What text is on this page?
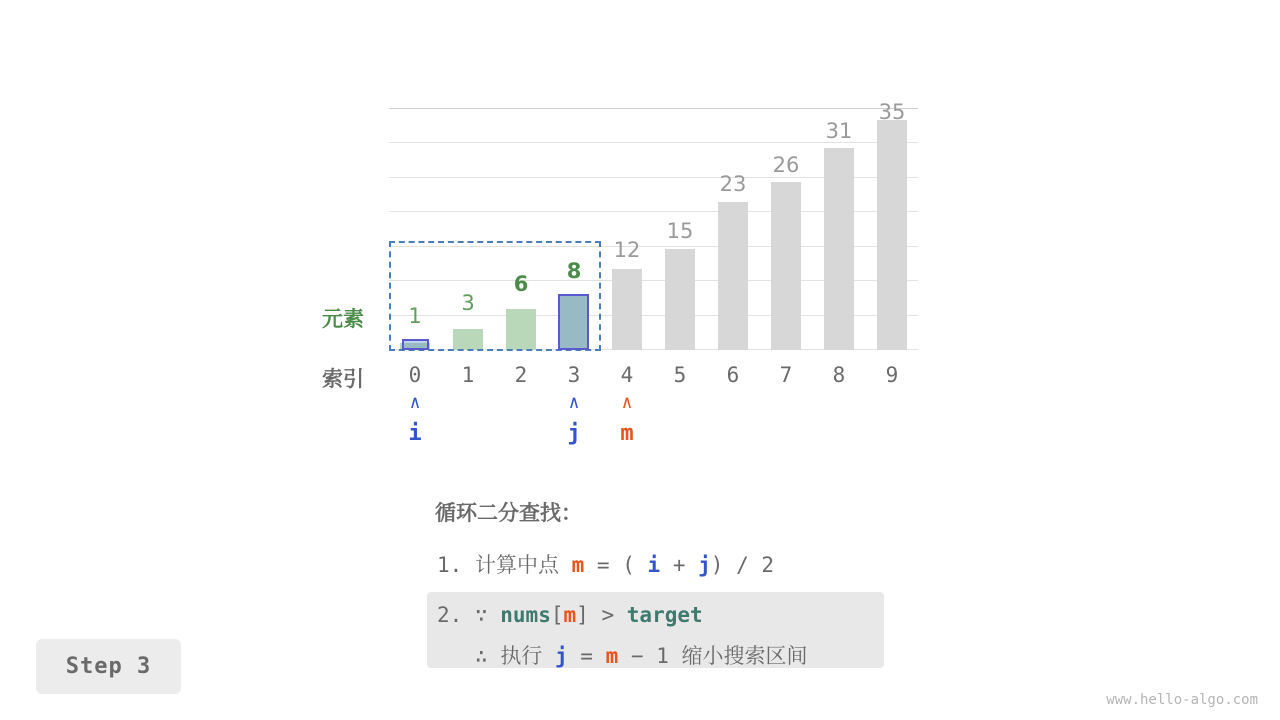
1
3
6
8
12
15
23
26
31
35
元素
索引	0	1	2	3	4	5	6	7	8	9
∧
i
∧
j
∧
m
循环二分查找：
1. 计算中点 m = ( i + j) / 2
2. ∵ nums[m] > target
∴ 执行 j = m − 1 缩小搜索区间
Step 3
www.hello-algo.com
